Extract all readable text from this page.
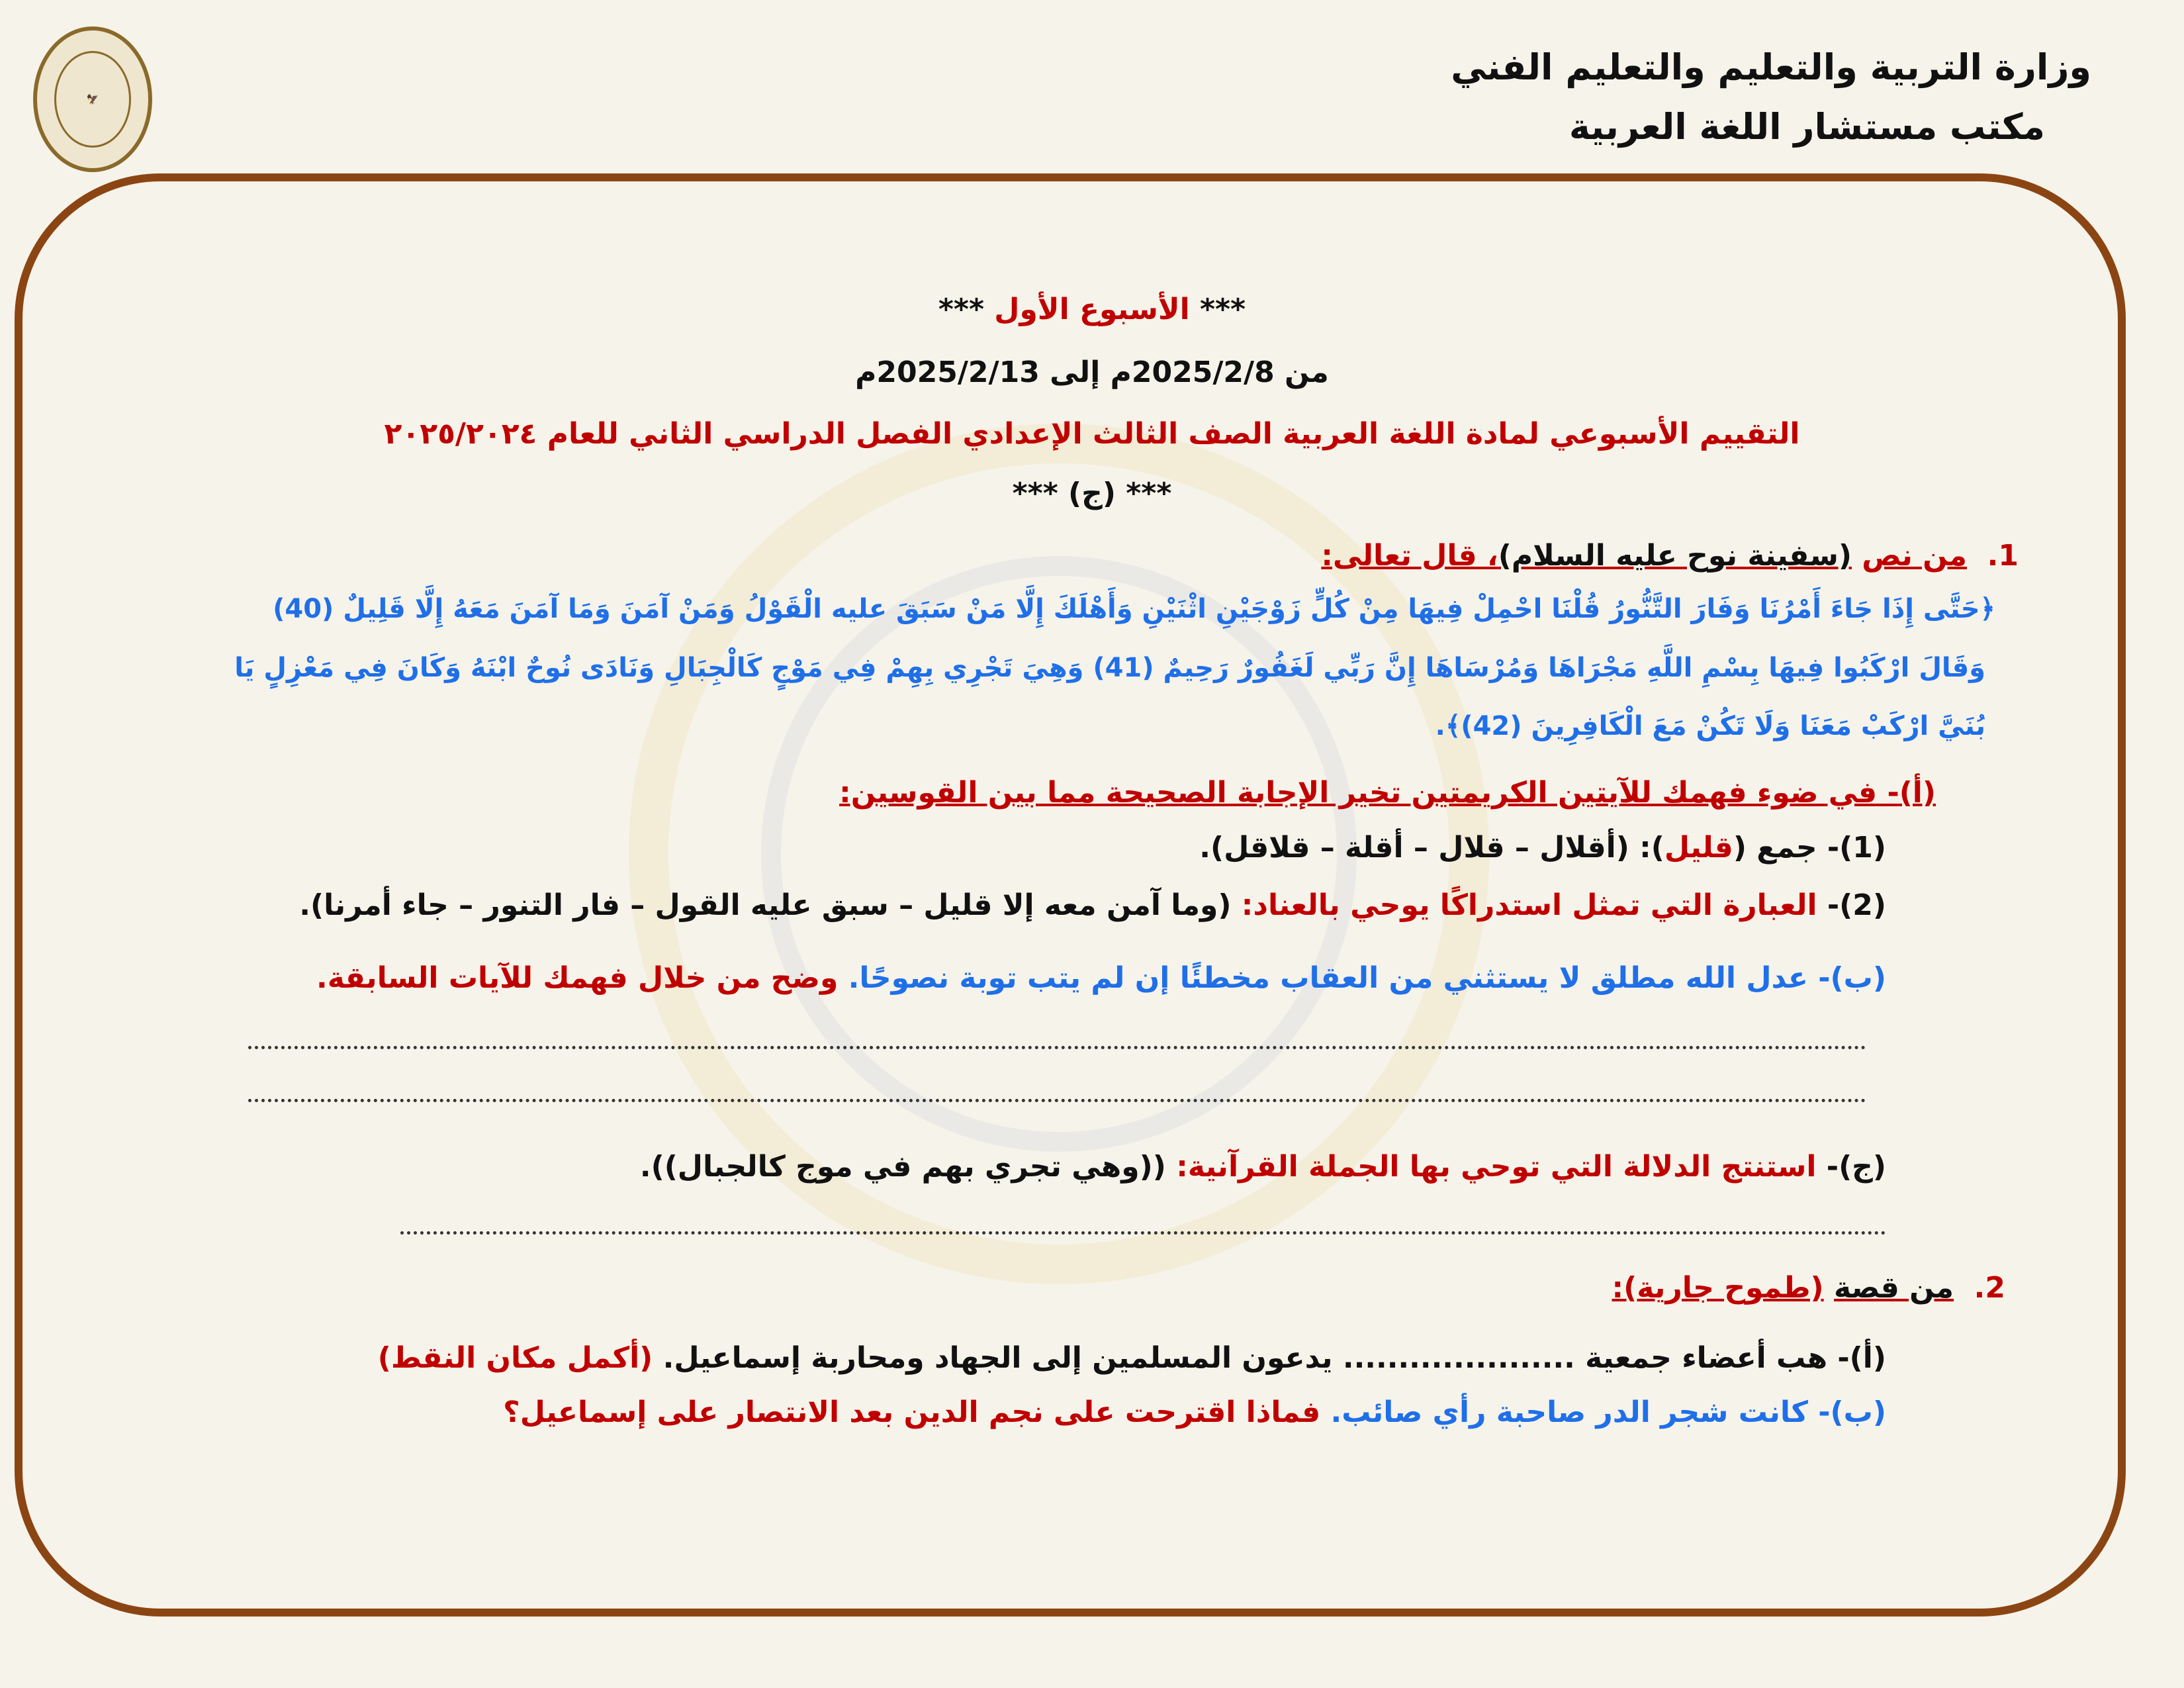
🦅
وزارة التربية والتعليم والتعليم الفني
مكتب مستشار اللغة العربية
*** الأسبوع الأول ***
من 2025/2/8م إلى 2025/2/13م
التقييم الأسبوعي لمادة اللغة العربية الصف الثالث الإعدادي الفصل الدراسي الثاني للعام ٢٠٢٥/٢٠٢٤
*** (ج) ***
1.  من نص (سفينة نوح عليه السلام)، قال تعالى:
﴿حَتَّى إِذَا جَاءَ أَمْرُنَا وَفَارَ التَّنُّورُ قُلْنَا احْمِلْ فِيهَا مِنْ كُلٍّ زَوْجَيْنِ اثْنَيْنِ وَأَهْلَكَ إِلَّا مَنْ سَبَقَ عليه الْقَوْلُ وَمَنْ آمَنَ وَمَا آمَنَ مَعَهُ إِلَّا قَلِيلٌ (40)
وَقَالَ ارْكَبُوا فِيهَا بِسْمِ اللَّهِ مَجْرَاهَا وَمُرْسَاهَا إِنَّ رَبِّي لَغَفُورٌ رَحِيمٌ (41) وَهِيَ تَجْرِي بِهِمْ فِي مَوْجٍ كَالْجِبَالِ وَنَادَى نُوحٌ ابْنَهُ وَكَانَ فِي مَعْزِلٍ يَا
بُنَيَّ ارْكَبْ مَعَنَا وَلَا تَكُنْ مَعَ الْكَافِرِينَ (42)﴾.
(أ)- في ضوء فهمك للآيتين الكريمتين تخير الإجابة الصحيحة مما بين القوسين:
(1)- جمع (قليل): (أقلال – قلال – أقلة – قلاقل).
(2)- العبارة التي تمثل استدراكًا يوحي بالعناد: (وما آمن معه إلا قليل – سبق عليه القول – فار التنور – جاء أمرنا).
(ب)- عدل الله مطلق لا يستثني من العقاب مخطئًا إن لم يتب توبة نصوحًا. وضح من خلال فهمك للآيات السابقة.
(ج)- استنتج الدلالة التي توحي بها الجملة القرآنية: ((وهي تجري بهم في موج كالجبال)).
2.  من قصة (طموح جارية):
(أ)- هب أعضاء جمعية ..................... يدعون المسلمين إلى الجهاد ومحاربة إسماعيل. (أكمل مكان النقط)
(ب)- كانت شجر الدر صاحبة رأي صائب. فماذا اقترحت على نجم الدين بعد الانتصار على إسماعيل؟
